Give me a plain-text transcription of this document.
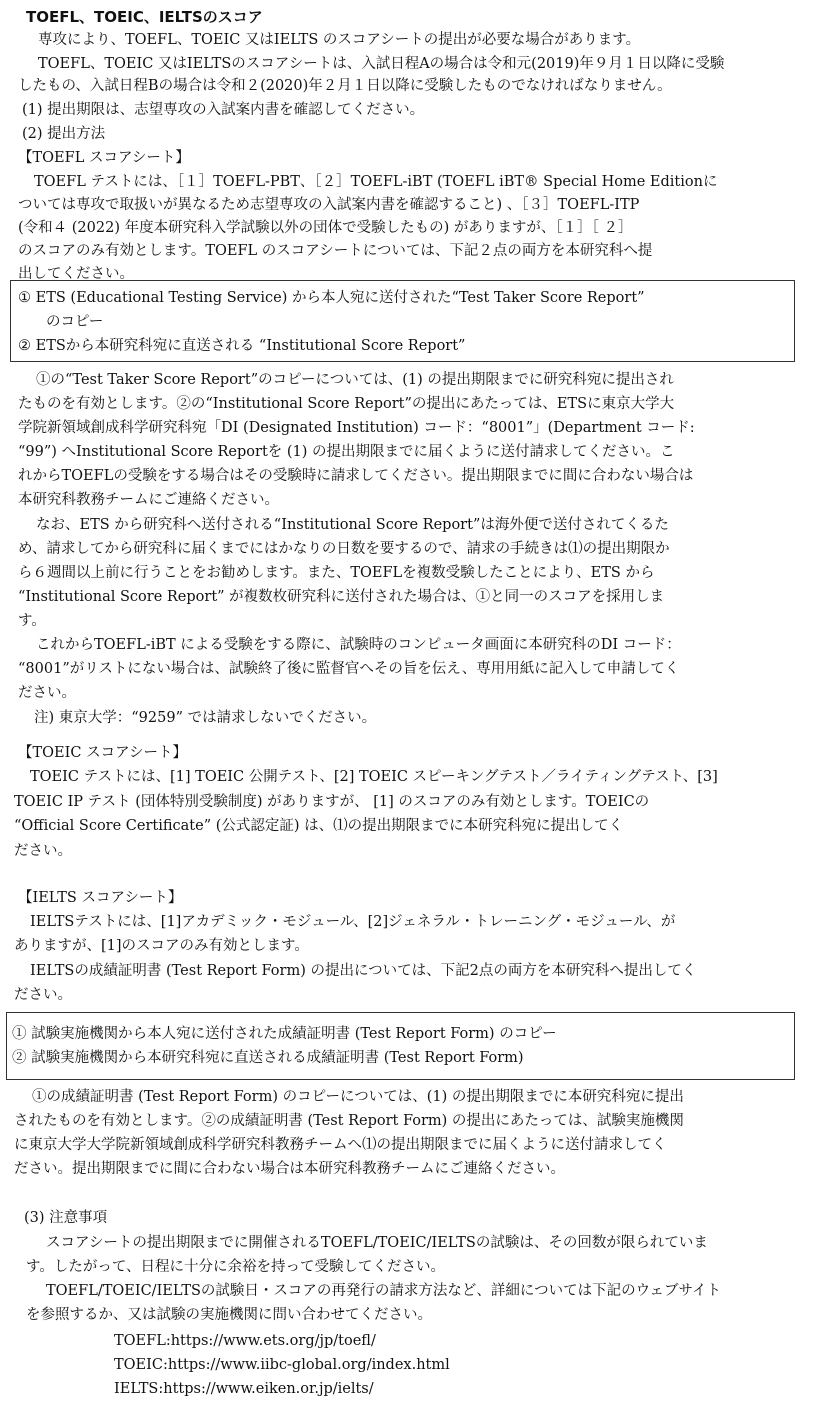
TOEFL、TOEIC、IELTSのスコア
専攻により、TOEFL、TOEIC 又はIELTS のスコアシートの提出が必要な場合があります。
TOEFL、TOEIC 又はIELTSのスコアシートは、入試日程Aの場合は令和元(2019)年９月１日以降に受験
したもの、入試日程Bの場合は令和２(2020)年２月１日以降に受験したものでなければなりません。
(1) 提出期限は、志望専攻の入試案内書を確認してください。
(2) 提出方法
【TOEFL スコアシート】
TOEFL テストには、［１］TOEFL-PBT、［２］TOEFL-iBT (TOEFL iBT® Special Home Editionに
ついては専攻で取扱いが異なるため志望専攻の入試案内書を確認すること) 、［３］TOEFL-ITP
(令和４ (2022) 年度本研究科入学試験以外の団体で受験したもの) がありますが、［１］［ ２］
のスコアのみ有効とします。TOEFL のスコアシートについては、下記２点の両方を本研究科へ提
出してください。
① ETS (Educational Testing Service) から本人宛に送付された“Test Taker Score Report”
のコピー
② ETSから本研究科宛に直送される “Institutional Score Report”
①の“Test Taker Score Report”のコピーについては、(1) の提出期限までに研究科宛に提出され
たものを有効とします。②の“Institutional Score Report”の提出にあたっては、ETSに東京大学大
学院新領域創成科学研究科宛「DI (Designated Institution) コード：“8001”」(Department コード:
“99”) へInstitutional Score Reportを (1) の提出期限までに届くように送付請求してください。こ
れからTOEFLの受験をする場合はその受験時に請求してください。提出期限までに間に合わない場合は
本研究科教務チームにご連絡ください。
なお、ETS から研究科へ送付される“Institutional Score Report”は海外便で送付されてくるた
め、請求してから研究科に届くまでにはかなりの日数を要するので、請求の手続きは⑴の提出期限か
ら６週間以上前に行うことをお勧めします。また、TOEFLを複数受験したことにより、ETS から
“Institutional Score Report” が複数枚研究科に送付された場合は、①と同一のスコアを採用しま
す。
これからTOEFL-iBT による受験をする際に、試験時のコンピュータ画面に本研究科のDI コード：
“8001”がリストにない場合は、試験終了後に監督官へその旨を伝え、専用用紙に記入して申請してく
ださい。
注) 東京大学：“9259” では請求しないでください。
【TOEIC スコアシート】
TOEIC テストには、[1] TOEIC 公開テスト、[2] TOEIC スピーキングテスト／ライティングテスト、[3]
TOEIC IP テスト (団体特別受験制度) がありますが、 [1] のスコアのみ有効とします。TOEICの
“Official Score Certificate” (公式認定証) は、⑴の提出期限までに本研究科宛に提出してく
ださい。
【IELTS スコアシート】
IELTSテストには、[1]アカデミック・モジュール、[2]ジェネラル・トレーニング・モジュール、が
ありますが、[1]のスコアのみ有効とします。
IELTSの成績証明書 (Test Report Form) の提出については、下記2点の両方を本研究科へ提出してく
ださい。
① 試験実施機関から本人宛に送付された成績証明書 (Test Report Form) のコピー
② 試験実施機関から本研究科宛に直送される成績証明書 (Test Report Form)
①の成績証明書 (Test Report Form) のコピーについては、(1) の提出期限までに本研究科宛に提出
されたものを有効とします。②の成績証明書 (Test Report Form) の提出にあたっては、試験実施機関
に東京大学大学院新領域創成科学研究科教務チームへ⑴の提出期限までに届くように送付請求してく
ださい。提出期限までに間に合わない場合は本研究科教務チームにご連絡ください。
(3) 注意事項
スコアシートの提出期限までに開催されるTOEFL/TOEIC/IELTSの試験は、その回数が限られていま
す。したがって、日程に十分に余裕を持って受験してください。
TOEFL/TOEIC/IELTSの試験日・スコアの再発行の請求方法など、詳細については下記のウェブサイト
を参照するか、又は試験の実施機関に問い合わせてください。
TOEFL:https://www.ets.org/jp/toefl/
TOEIC:https://www.iibc-global.org/index.html
IELTS:https://www.eiken.or.jp/ielts/
